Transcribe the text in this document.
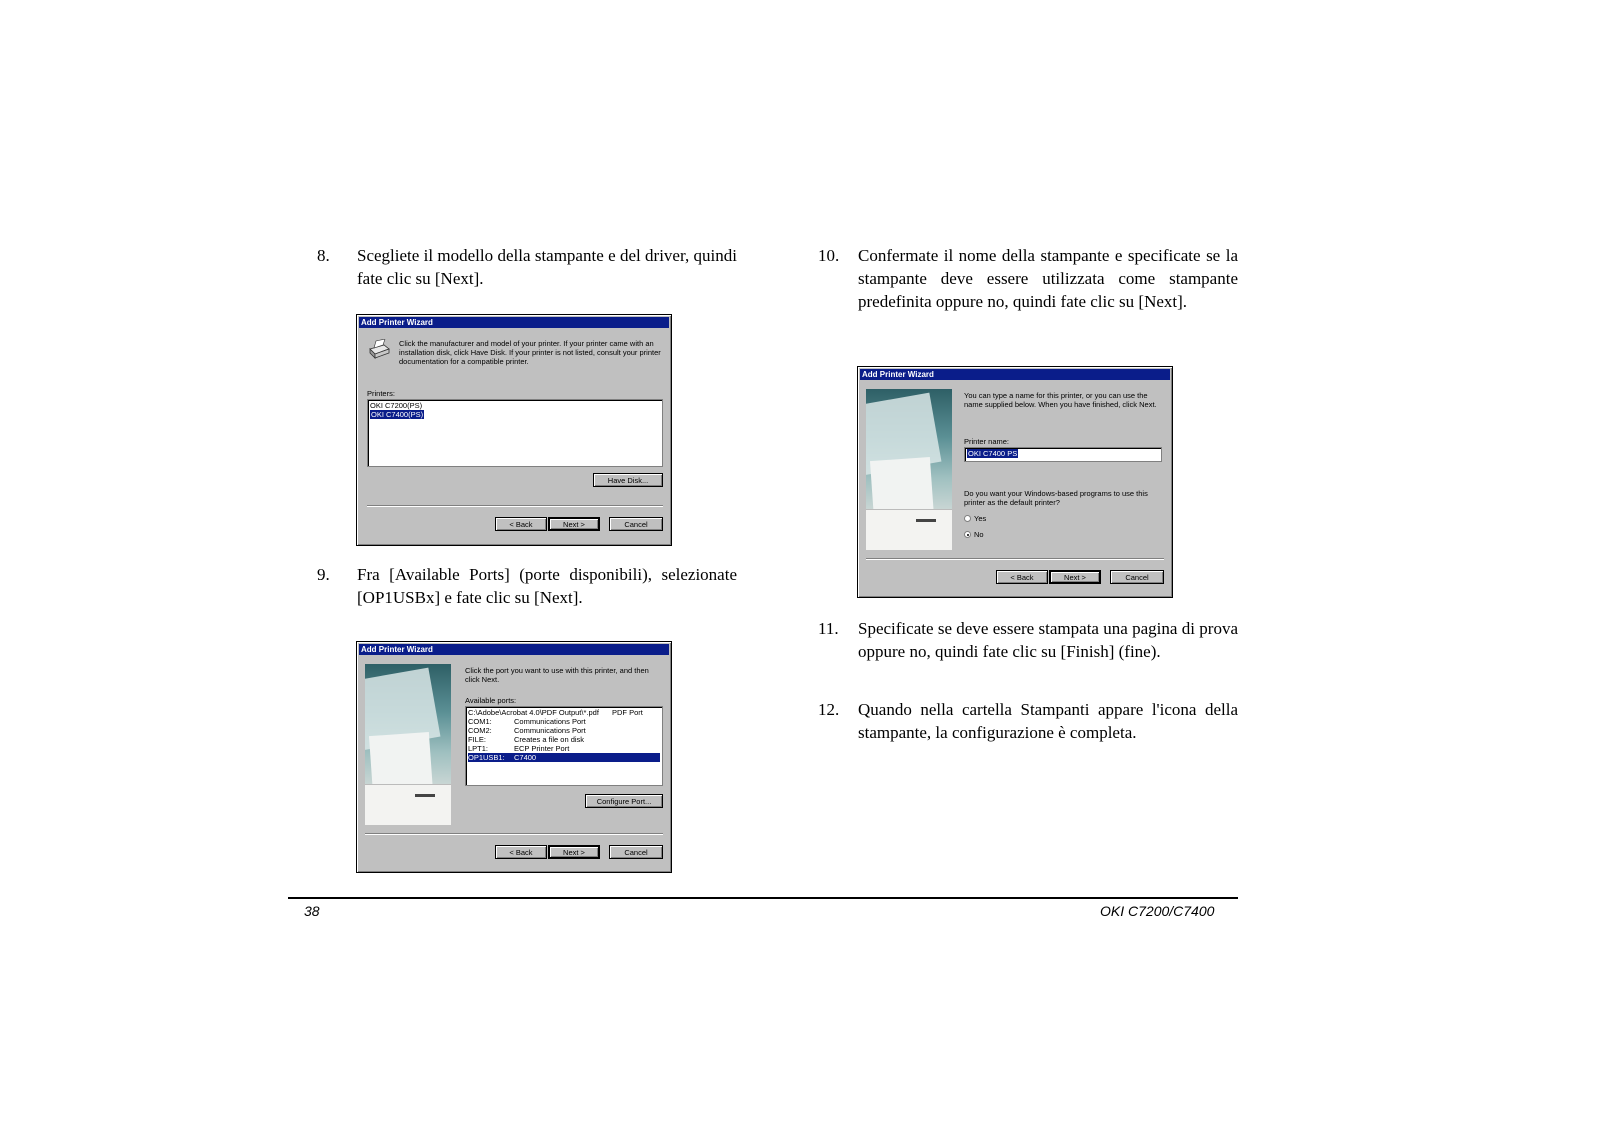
8. Scegliete il modello della stampante e del driver, quindi fate clic su [Next].
Add Printer Wizard
Click the manufacturer and model of your printer. If your printer came with an installation disk, click Have Disk. If your printer is not listed, consult your printer documentation for a compatible printer.
Printers:
OKI C7200(PS)
OKI C7400(PS)
Have Disk...
< Back	Next >	Cancel
9. Fra [Available Ports] (porte disponibili), selezionate [OP1USBx] e fate clic su [Next].
Add Printer Wizard
Click the port you want to use with this printer, and then click Next.
Available ports:
C:\Adobe\Acrobat 4.0\PDF Output\*.pdf PDF Port
COM1:	Communications Port
COM2:	Communications Port
FILE:	Creates a file on disk
LPT1:	ECP Printer Port
OP1USB1: C7400
Configure Port...
< Back	Next >	Cancel
10. Confermate il nome della stampante e specificate se la stampante deve essere utilizzata come stampante predefinita oppure no, quindi fate clic su [Next].
Add Printer Wizard
You can type a name for this printer, or you can use the name supplied below. When you have finished, click Next.
Printer name:
OKI C7400 PS
Do you want your Windows-based programs to use this printer as the default printer?
Yes
No
< Back	Next >	Cancel
11. Specificate se deve essere stampata una pagina di prova oppure no, quindi fate clic su [Finish] (fine).
12. Quando nella cartella Stampanti appare l'icona della stampante, la configurazione è completa.
38	OKI C7200/C7400
